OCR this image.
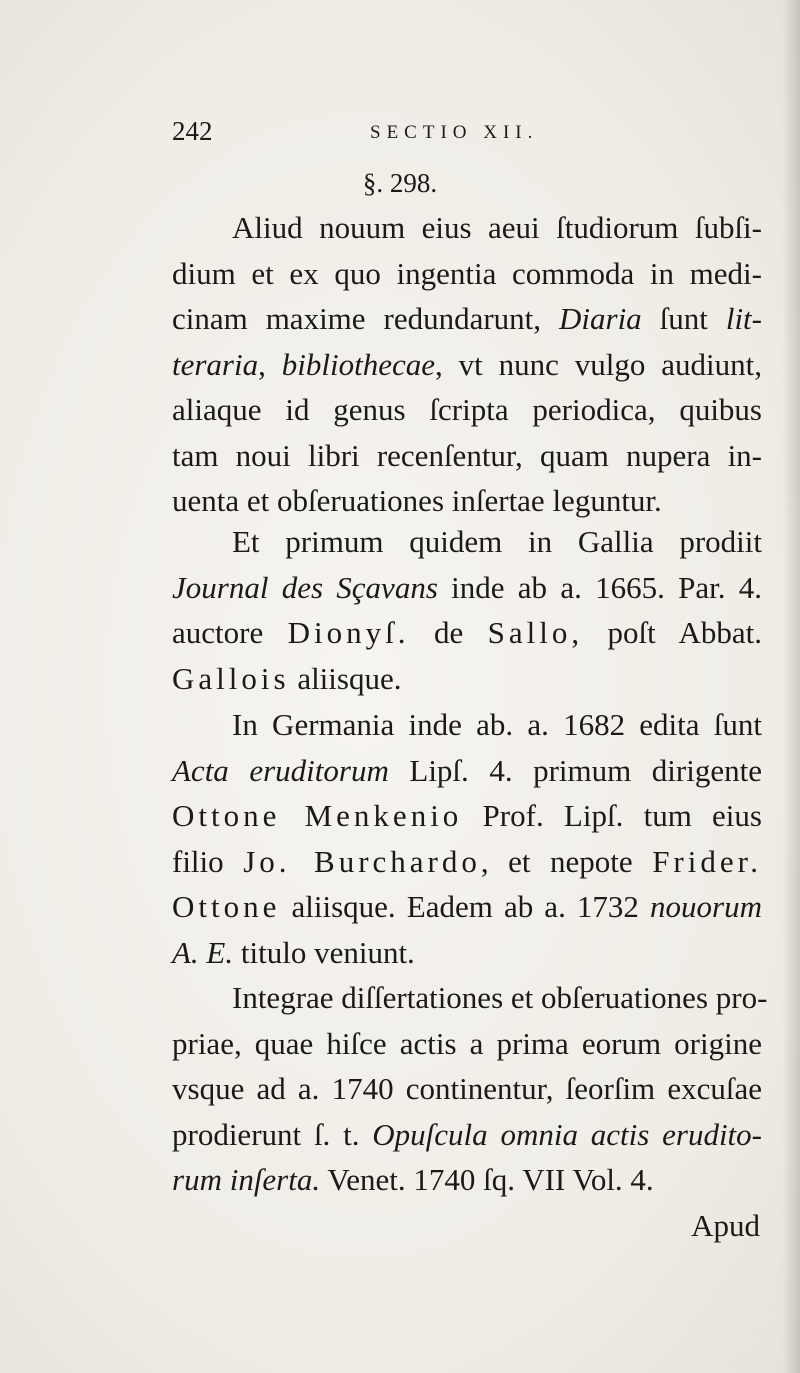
242	SECTIO XII.
§. 298.
Aliud nouum eius aeui ſtudiorum ſubſi-
dium et ex quo ingentia commoda in medi-
cinam maxime redundarunt, Diaria ſunt lit-
teraria, bibliothecae, vt nunc vulgo audiunt,
aliaque id genus ſcripta periodica, quibus
tam noui libri recenſentur, quam nupera in-
uenta et obſeruationes inſertae leguntur.
Et primum quidem in Gallia prodiit
Journal des Sçavans inde ab a. 1665. Par. 4.
auctore Dionyſ. de Sallo, poſt Abbat.
Gallois aliisque.
In Germania inde ab. a. 1682 edita ſunt
Acta eruditorum Lipſ. 4. primum dirigente
Ottone Menkenio Prof. Lipſ. tum eius
filio Jo. Burchardo, et nepote Frider.
Ottone aliisque. Eadem ab a. 1732 nouorum
A. E. titulo veniunt.
Integrae diſſertationes et obſeruationes pro-
priae, quae hiſce actis a prima eorum origine
vsque ad a. 1740 continentur, ſeorſim excuſae
prodierunt ſ. t. Opuſcula omnia actis erudito-
rum inſerta. Venet. 1740 ſq. VII Vol. 4.
Apud
